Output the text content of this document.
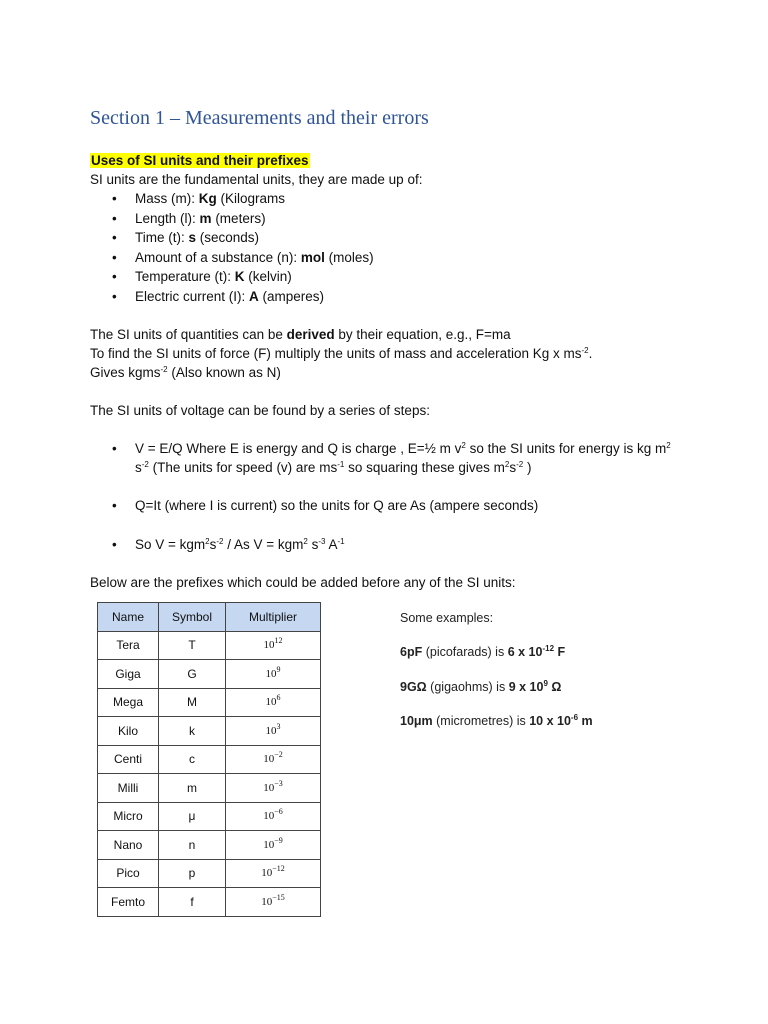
Section 1 – Measurements and their errors
Uses of SI units and their prefixes
SI units are the fundamental units, they are made up of:
• Mass (m): Kg (Kilograms
• Length (l): m (meters)
• Time (t): s (seconds)
• Amount of a substance (n): mol (moles)
• Temperature (t): K (kelvin)
• Electric current (I): A (amperes)
The SI units of quantities can be derived by their equation, e.g., F=ma
To find the SI units of force (F) multiply the units of mass and acceleration Kg x $ms^{-2}$.
Gives kgms$^{-2}$ (Also known as N)
The SI units of voltage can be found by a series of steps:
• V = E/Q Where E is energy and Q is charge , E=½ m $v^2$ so the SI units for energy is kg $m^2$
$s^{-2}$ (The units for speed (v) are $ms^{-1}$ so squaring these gives $m^2s^{-2}$ )
• Q=It (where I is current) so the units for Q are As (ampere seconds)
• So $V = kgm^2s^{-2} / As$ V = kgm$^2$ $s^{-3}$ $A^{-1}$
Below are the prefixes which could be added before any of the SI units:
Name	Symbol	Multiplier
Tera	T	$10^{12}$
Giga	G	$10^9$
Mega	M	$10^6$
Kilo	k	$10^3$
Centi	c	$10^{-2}$
Milli	m	$10^{-3}$
Micro	μ	$10^{-6}$
Nano	n	$10^{-9}$
Pico	p	$10^{-12}$
Femto	f	$10^{-15}$
Some examples:
6pF (picofarads) is 6 x $10^{-12}$ F
9GΩ (gigaohms) is 9 x $10^9$ Ω
10μm (micrometres) is 10 x $10^{-6}$ m
